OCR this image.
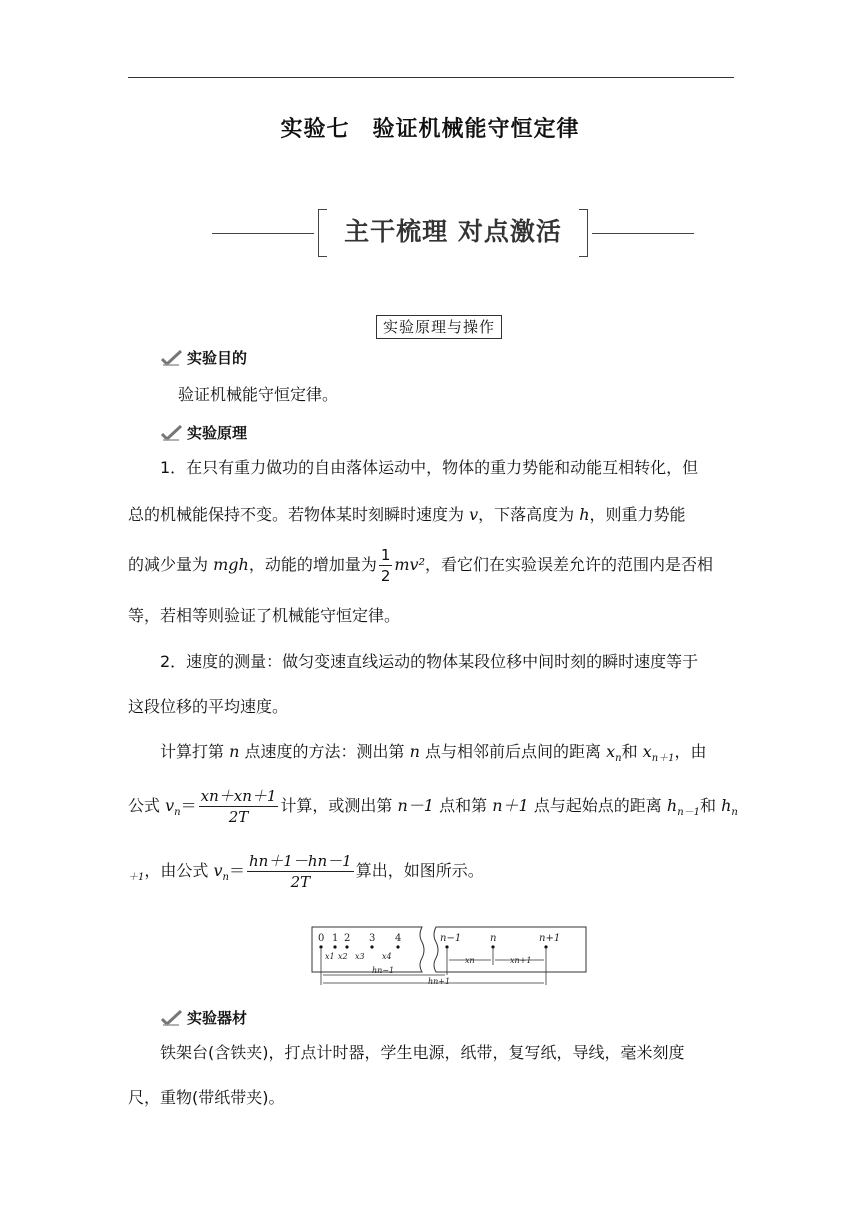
实验七　验证机械能守恒定律
主干梳理 对点激活
实验原理与操作
实验目的
验证机械能守恒定律。
实验原理
1．在只有重力做功的自由落体运动中，物体的重力势能和动能互相转化，但
总的机械能保持不变。若物体某时刻瞬时速度为 v，下落高度为 h，则重力势能
的减少量为 mgh，动能的增加量为 $\frac{1}{2} mv^2$，看它们在实验误差允许的范围内是否相
等，若相等则验证了机械能守恒定律。
2．速度的测量：做匀变速直线运动的物体某段位移中间时刻的瞬时速度等于
这段位移的平均速度。
计算打第 n 点速度的方法：测出第 n 点与相邻前后点间的距离 $x_n$和 $x_{n+1}$，由
公式 $v_n= \frac{xn+xn+1}{2T}$ 计算，或测出第 n－1 点和第 n＋1 点与起始点的距离 $h_{n-1}$和 $h_n$
$_{+1}$，由公式 $v_n= \frac{hn+1-hn-1}{2T}$ 算出，如图所示。
0 1 2 3 4	n−1	n	n+1
x1 x2 x3 x4	xn	xn+1
hn−1
hn+1
实验器材
铁架台(含铁夹)，打点计时器，学生电源，纸带，复写纸，导线，毫米刻度
尺，重物(带纸带夹)。
